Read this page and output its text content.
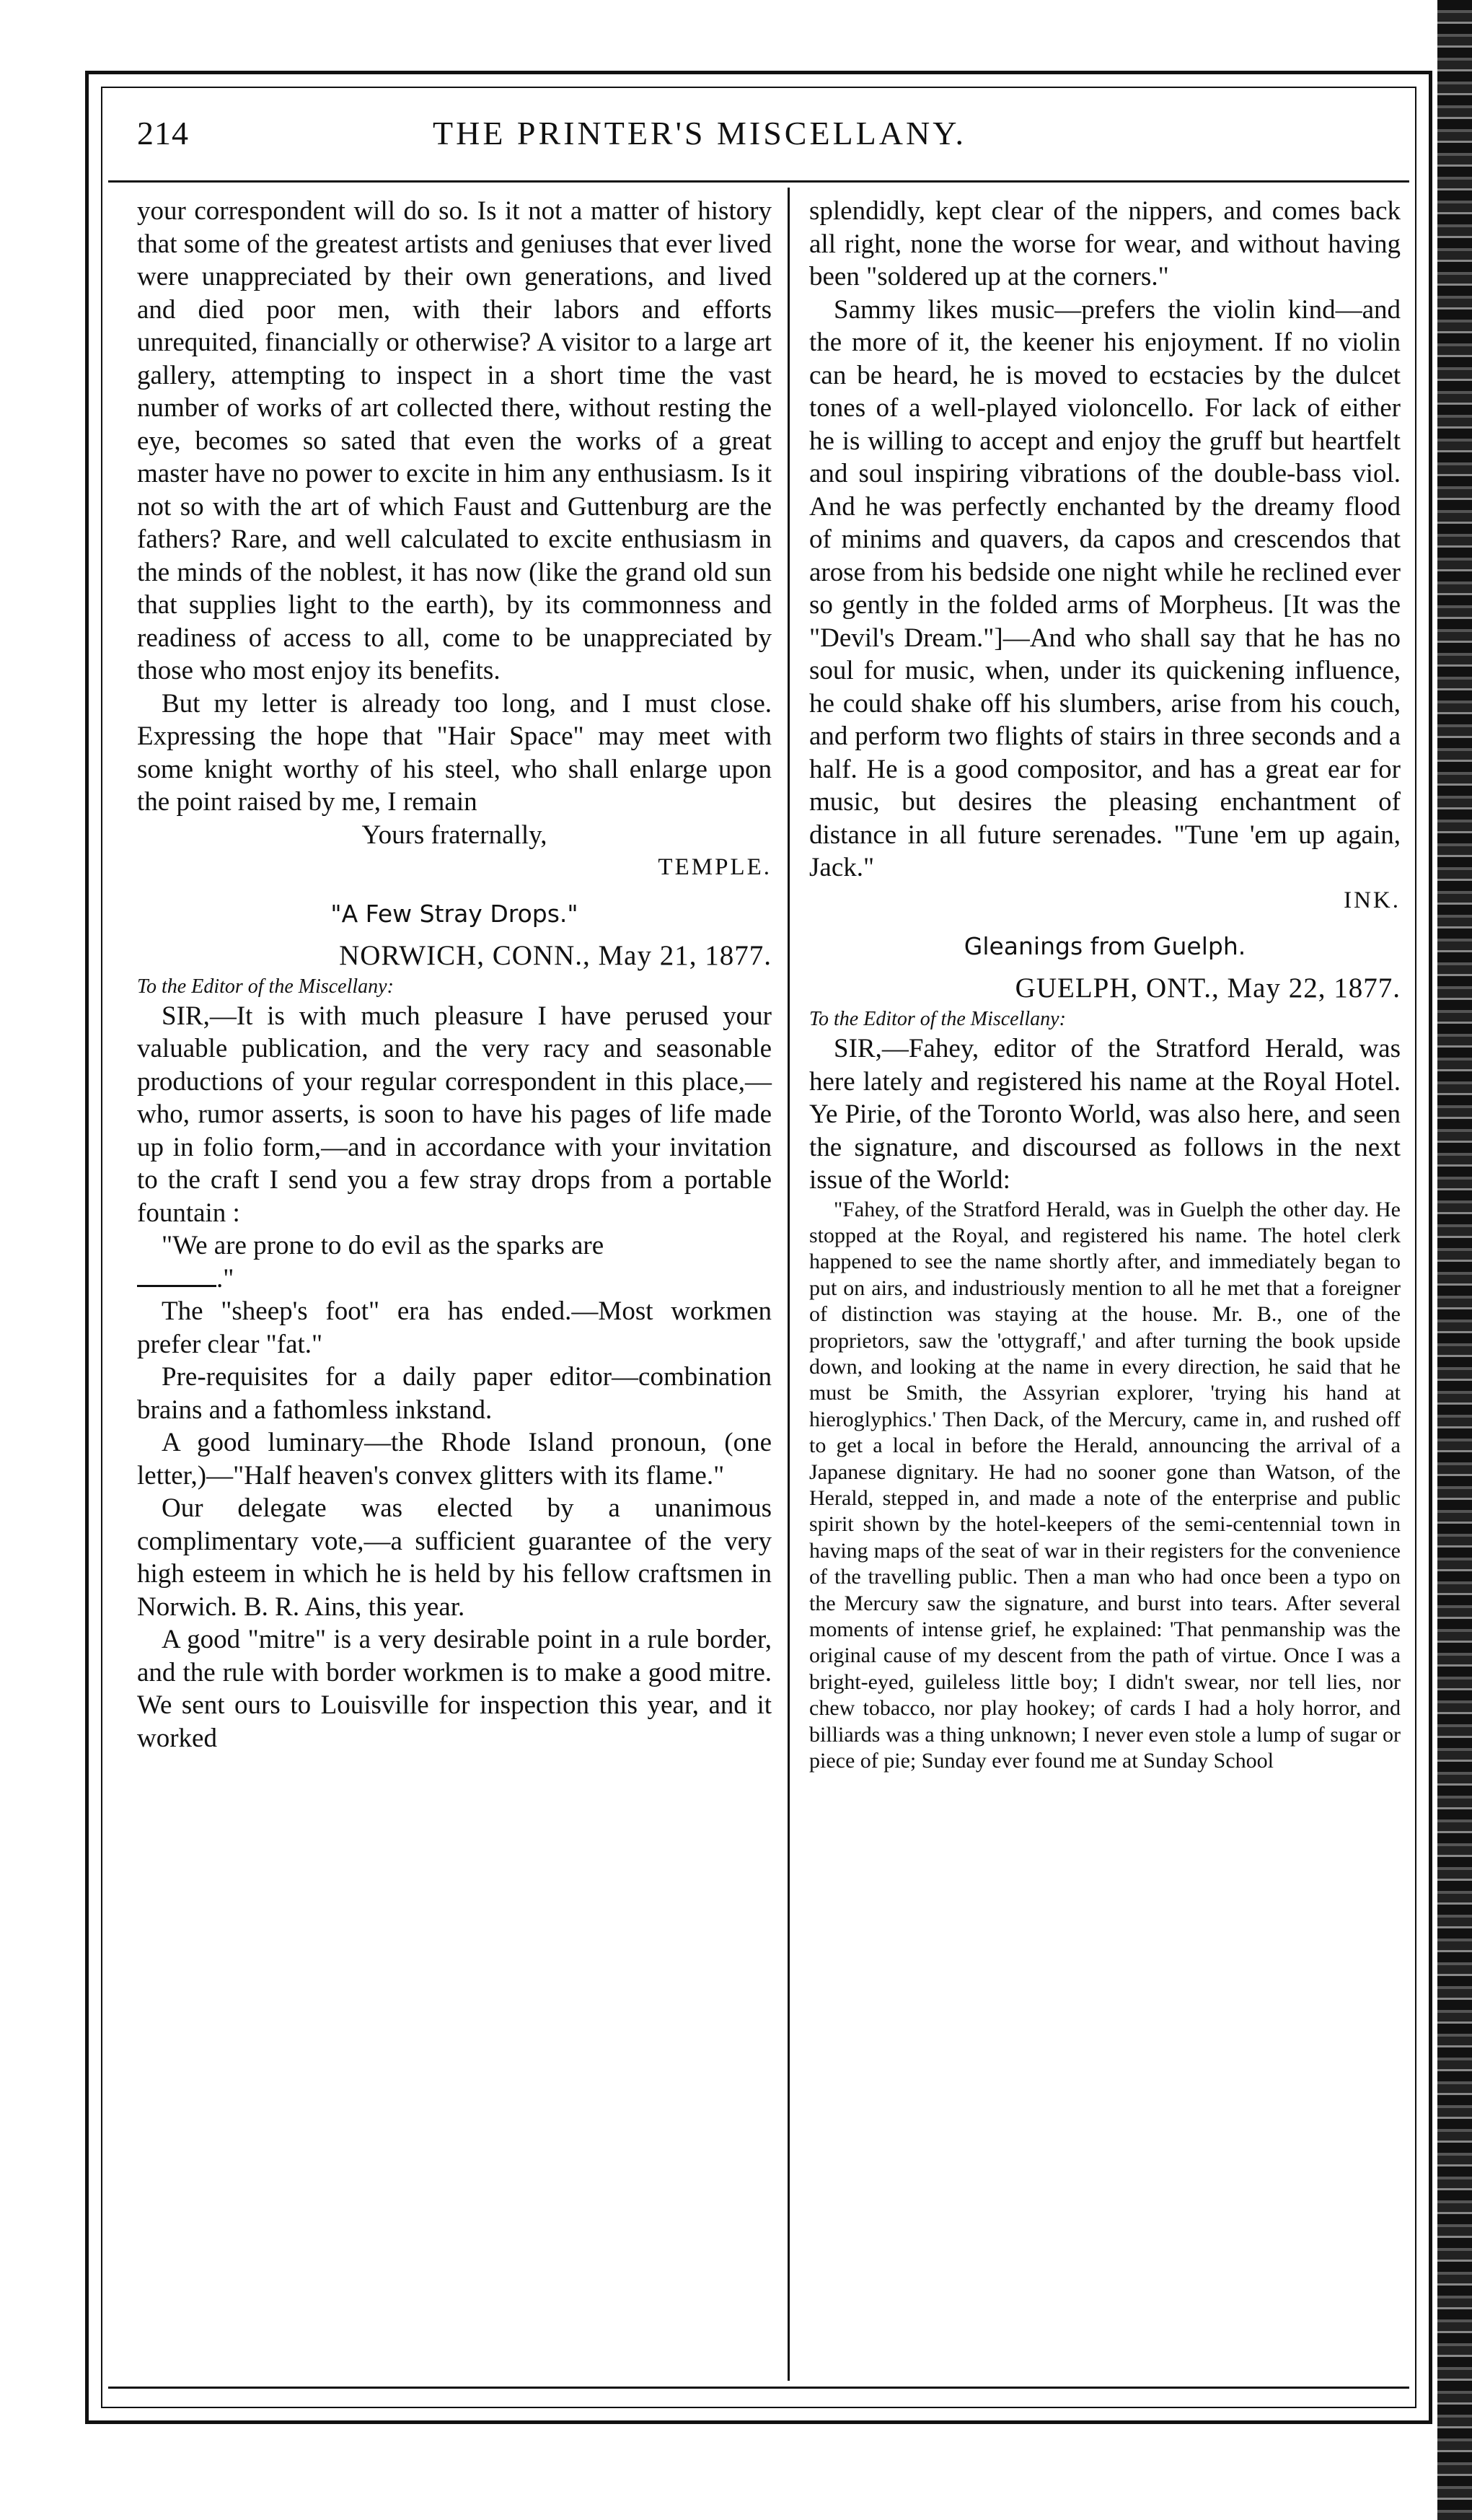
214	THE PRINTER'S MISCELLANY.

your correspondent will do so. Is it not a matter of history that some of the greatest artists and geniuses that ever lived were unappreciated by their own generations, and lived and died poor men, with their labors and efforts unrequited, financially or otherwise? A visitor to a large art gallery, attempting to inspect in a short time the vast number of works of art collected there, without resting the eye, becomes so sated that even the works of a great master have no power to excite in him any enthusiasm. Is it not so with the art of which Faust and Guttenburg are the fathers? Rare, and well calculated to excite enthusiasm in the minds of the noblest, it has now (like the grand old sun that supplies light to the earth), by its commonness and readiness of access to all, come to be unappreciated by those who most enjoy its benefits.

But my letter is already too long, and I must close. Expressing the hope that "Hair Space" may meet with some knight worthy of his steel, who shall enlarge upon the point raised by me, I remain

Yours fraternally,

TEMPLE.

"A Few Stray Drops."

NORWICH, CONN., May 21, 1877.

To the Editor of the Miscellany:

SIR,—It is with much pleasure I have perused your valuable publication, and the very racy and seasonable productions of your regular correspondent in this place,—who, rumor asserts, is soon to have his pages of life made up in folio form,—and in accordance with your invitation to the craft I send you a few stray drops from a portable fountain :

"We are prone to do evil as the sparks are
."

The "sheep's foot" era has ended.—Most workmen prefer clear "fat."

Pre-requisites for a daily paper editor—combination brains and a fathomless inkstand.

A good luminary—the Rhode Island pronoun, (one letter,)—"Half heaven's convex glitters with its flame."

Our delegate was elected by a unanimous complimentary vote,—a sufficient guarantee of the very high esteem in which he is held by his fellow craftsmen in Norwich. B. R. Ains, this year.

A good "mitre" is a very desirable point in a rule border, and the rule with border workmen is to make a good mitre. We sent ours to Louisville for inspection this year, and it worked

splendidly, kept clear of the nippers, and comes back all right, none the worse for wear, and without having been "soldered up at the corners."

Sammy likes music—prefers the violin kind—and the more of it, the keener his enjoyment. If no violin can be heard, he is moved to ecstacies by the dulcet tones of a well-played violoncello. For lack of either he is willing to accept and enjoy the gruff but heartfelt and soul inspiring vibrations of the double-bass viol. And he was perfectly enchanted by the dreamy flood of minims and quavers, da capos and crescendos that arose from his bedside one night while he reclined ever so gently in the folded arms of Morpheus. [It was the "Devil's Dream."]—And who shall say that he has no soul for music, when, under its quickening influence, he could shake off his slumbers, arise from his couch, and perform two flights of stairs in three seconds and a half. He is a good compositor, and has a great ear for music, but desires the pleasing enchantment of distance in all future serenades. "Tune 'em up again, Jack."

INK.

Gleanings from Guelph.

GUELPH, ONT., May 22, 1877.

To the Editor of the Miscellany:

SIR,—Fahey, editor of the Stratford Herald, was here lately and registered his name at the Royal Hotel. Ye Pirie, of the Toronto World, was also here, and seen the signature, and discoursed as follows in the next issue of the World:

"Fahey, of the Stratford Herald, was in Guelph the other day. He stopped at the Royal, and registered his name. The hotel clerk happened to see the name shortly after, and immediately began to put on airs, and industriously mention to all he met that a foreigner of distinction was staying at the house. Mr. B., one of the proprietors, saw the 'ottygraff,' and after turning the book upside down, and looking at the name in every direction, he said that he must be Smith, the Assyrian explorer, 'trying his hand at hieroglyphics.' Then Dack, of the Mercury, came in, and rushed off to get a local in before the Herald, announcing the arrival of a Japanese dignitary. He had no sooner gone than Watson, of the Herald, stepped in, and made a note of the enterprise and public spirit shown by the hotel-keepers of the semi-centennial town in having maps of the seat of war in their registers for the convenience of the travelling public. Then a man who had once been a typo on the Mercury saw the signature, and burst into tears. After several moments of intense grief, he explained: 'That penmanship was the original cause of my descent from the path of virtue. Once I was a bright-eyed, guileless little boy; I didn't swear, nor tell lies, nor chew tobacco, nor play hookey; of cards I had a holy horror, and billiards was a thing unknown; I never even stole a lump of sugar or piece of pie; Sunday ever found me at Sunday School
